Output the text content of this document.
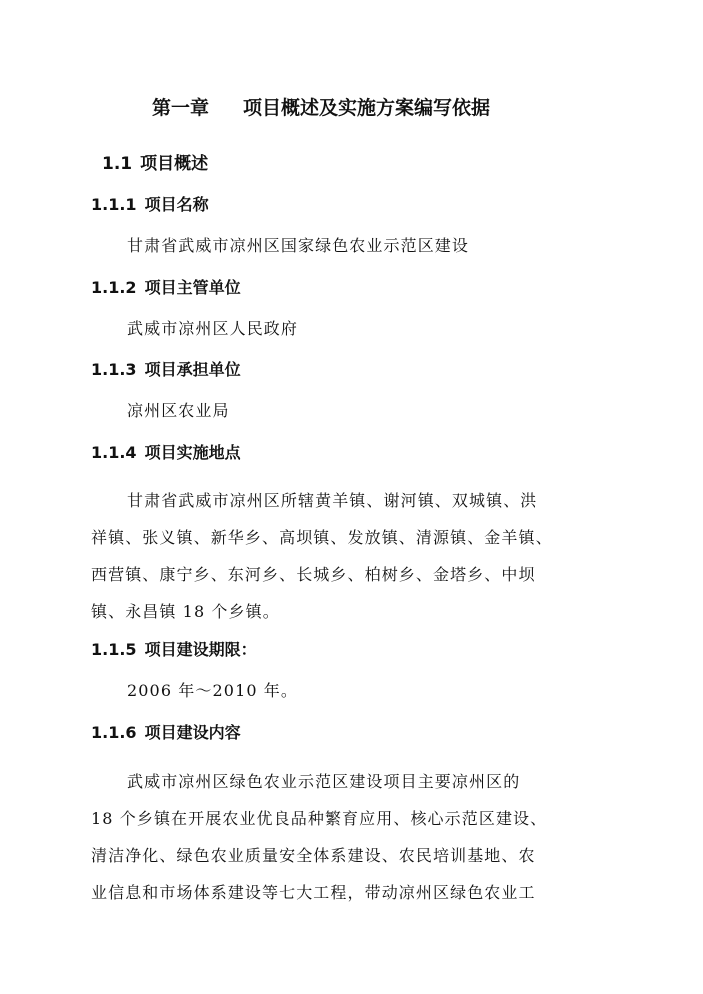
第一章 项目概述及实施方案编写依据
1.1 项目概述
1.1.1 项目名称

甘肃省武威市凉州区国家绿色农业示范区建设

1.1.2 项目主管单位

武威市凉州区人民政府

1.1.3 项目承担单位

凉州区农业局

1.1.4 项目实施地点
甘肃省武威市凉州区所辖黄羊镇、谢河镇、双城镇、洪
祥镇、张义镇、新华乡、高坝镇、发放镇、清源镇、金羊镇、
西营镇、康宁乡、东河乡、长城乡、柏树乡、金塔乡、中坝
镇、永昌镇 18 个乡镇。
1.1.5 项目建设期限：

2006 年～2010 年。

1.1.6 项目建设内容
武威市凉州区绿色农业示范区建设项目主要凉州区的
18 个乡镇在开展农业优良品种繁育应用、核心示范区建设、
清洁净化、绿色农业质量安全体系建设、农民培训基地、农
业信息和市场体系建设等七大工程，带动凉州区绿色农业工
